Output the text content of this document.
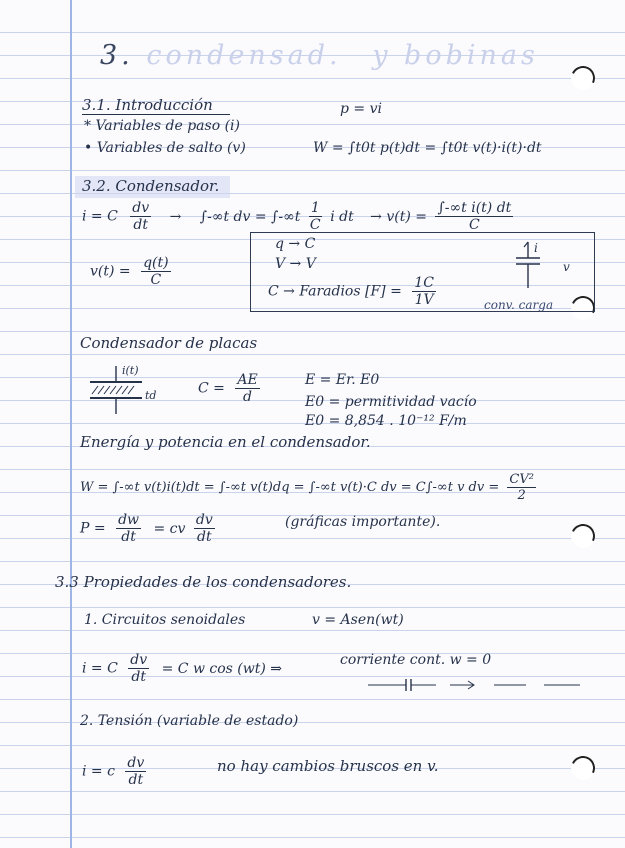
3. condensad. y bobinas
3.1. Introducción	p = vi
* Variables de paso (i)
• Variables de salto (v)	W = ∫t0t p(t)dt = ∫t0t v(t)·i(t)·dt
3.2. Condensador.
i = C $\frac{dv}{dt} \to \int-\infty t$ dv = $\int-\infty t \frac{1}{C}$ i dt → $v(t) = \frac{\text{∫-∞t i(t) dt}}{C}$
$v(t) = \frac{q(t)}{C}$
q → C
V → V
C → Faradios $[F] = \frac{1C}{1V}$
i
v
conv. carga
Condensador de placas
i(t)
td	$C = \frac{AE}{d}$	E = Er. E0
E0 = permitividad vacío
E0 = 8,854 . 10⁻¹² F/m
Energía y potencia en el condensador.
W = ∫-∞t v(t)i(t)dt = ∫-∞t v(t)dq = ∫-∞t v(t)·C dv = C∫-∞t v dv = $\frac{\text{CV²}}{2}$
$P = \frac{dw}{dt}$ = cv $\frac{dv}{dt}$	(gráficas importante).
3.3 Propiedades de los condensadores.
1. Circuitos senoidales	v = Asen(wt)
i = C $\frac{dv}{dt} = C$ w cos (wt) ⇒
corriente cont. w = 0
2. Tensión (variable de estado)
i = c $\frac{dv}{dt}$	no hay cambios bruscos en v.
